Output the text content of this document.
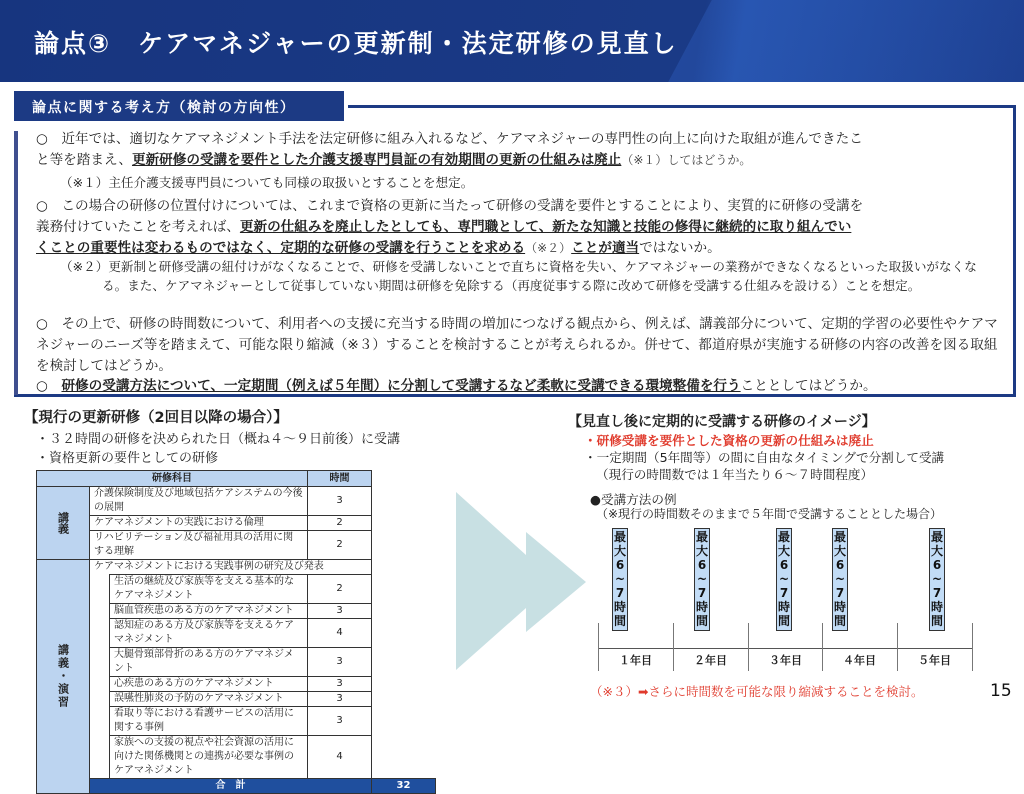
論点③　ケアマネジャーの更新制・法定研修の見直し
論点に関する考え方（検討の方向性）
○　近年では、適切なケアマネジメント手法を法定研修に組み入れるなど、ケアマネジャーの専門性の向上に向けた取組が進んできたこ
と等を踏まえ、更新研修の受講を要件とした介護支援専門員証の有効期間の更新の仕組みは廃止（※１）してはどうか。
（※１）主任介護支援専門員についても同様の取扱いとすることを想定。
○　この場合の研修の位置付けについては、これまで資格の更新に当たって研修の受講を要件とすることにより、実質的に研修の受講を
義務付けていたことを考えれば、更新の仕組みを廃止したとしても、専門職として、新たな知識と技能の修得に継続的に取り組んでい
くことの重要性は変わるものではなく、定期的な研修の受講を行うことを求める（※２）ことが適当ではないか。
（※２）更新制と研修受講の紐付けがなくなることで、研修を受講しないことで直ちに資格を失い、ケアマネジャーの業務ができなくなるといった取扱いがなくなる。また、ケアマネジャーとして従事していない期間は研修を免除する（再度従事する際に改めて研修を受講する仕組みを設ける）ことを想定。
○　その上で、研修の時間数について、利用者への支援に充当する時間の増加につなげる観点から、例えば、講義部分について、定期的学習の必要性やケアマネジャーのニーズ等を踏まえて、可能な限り縮減（※３）することを検討することが考えられるか。併せて、都道府県が実施する研修の内容の改善を図る取組を検討してはどうか。
○　研修の受講方法について、一定期間（例えば５年間）に分割して受講するなど柔軟に受講できる環境整備を行うこととしてはどうか。
【現行の更新研修（2回目以降の場合）】
・３２時間の研修を決められた日（概ね４～９日前後）に受講
・資格更新の要件としての研修
研修科目			時間	
講義	介護保険制度及び地域包括ケアシステムの今後の展開		3	
	ケアマネジメントの実践における倫理		2	
	リハビリテーション及び福祉用具の活用に関する理解		2	
講義・演習	ケアマネジメントにおける実践事例の研究及び発表			
		生活の継続及び家族等を支える基本的なケアマネジメント	2	
		脳血管疾患のある方のケアマネジメント	3	
		認知症のある方及び家族等を支えるケアマネジメント	4	
		大腿骨頸部骨折のある方のケアマネジメント	3	
		心疾患のある方のケアマネジメント	3	
		誤嚥性肺炎の予防のケアマネジメント	3	
		看取り等における看護サービスの活用に関する事例	3	
		家族への支援の視点や社会資源の活用に向けた関係機関との連携が必要な事例のケアマネジメント	4	
	合　計			32
【見直し後に定期的に受講する研修のイメージ】
・研修受講を要件とした資格の更新の仕組みは廃止
・一定期間（5年間等）の間に自由なタイミングで分割して受講
（現行の時間数では１年当たり６～７時間程度）
●受講方法の例
（※現行の時間数そのままで５年間で受講することとした場合）
最大6~7時間
最大6~7時間
最大6~7時間
最大6~7時間
最大6~7時間
１年目	２年目	３年目	４年目	５年目
（※３）➡さらに時間数を可能な限り縮減することを検討。	15
